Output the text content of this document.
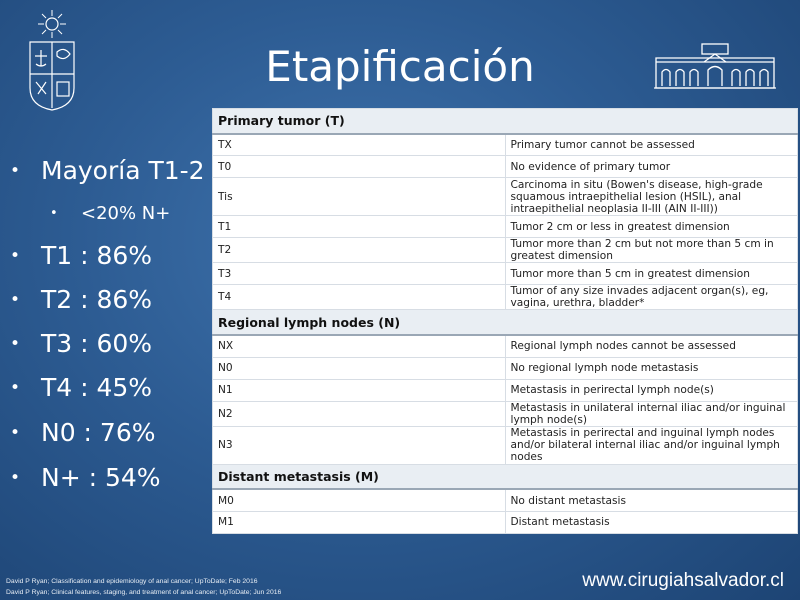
Etapificación
• Mayoría T1-2
• <20% N+
• T1 : 86%
• T2 : 86%
• T3 : 60%
• T4 : 45%
• N0 : 76%
• N+ : 54%
Primary tumor (T)	
TX	Primary tumor cannot be assessed
T0	No evidence of primary tumor
Tis	Carcinoma in situ (Bowen's disease, high-grade squamous intraepithelial lesion (HSIL), anal intraepithelial neoplasia II-III (AIN II-III))
T1	Tumor 2 cm or less in greatest dimension
T2	Tumor more than 2 cm but not more than 5 cm in greatest dimension
T3	Tumor more than 5 cm in greatest dimension
T4	Tumor of any size invades adjacent organ(s), eg, vagina, urethra, bladder*
Regional lymph nodes (N)	
NX	Regional lymph nodes cannot be assessed
N0	No regional lymph node metastasis
N1	Metastasis in perirectal lymph node(s)
N2	Metastasis in unilateral internal iliac and/or inguinal lymph node(s)
N3	Metastasis in perirectal and inguinal lymph nodes and/or bilateral internal iliac and/or inguinal lymph nodes
Distant metastasis (M)	
M0	No distant metastasis
M1	Distant metastasis
David P Ryan; Classification and epidemiology of anal cancer; UpToDate; Feb 2016
David P Ryan; Clinical features, staging, and treatment of anal cancer; UpToDate; Jun 2016
www.cirugiahsalvador.cl
